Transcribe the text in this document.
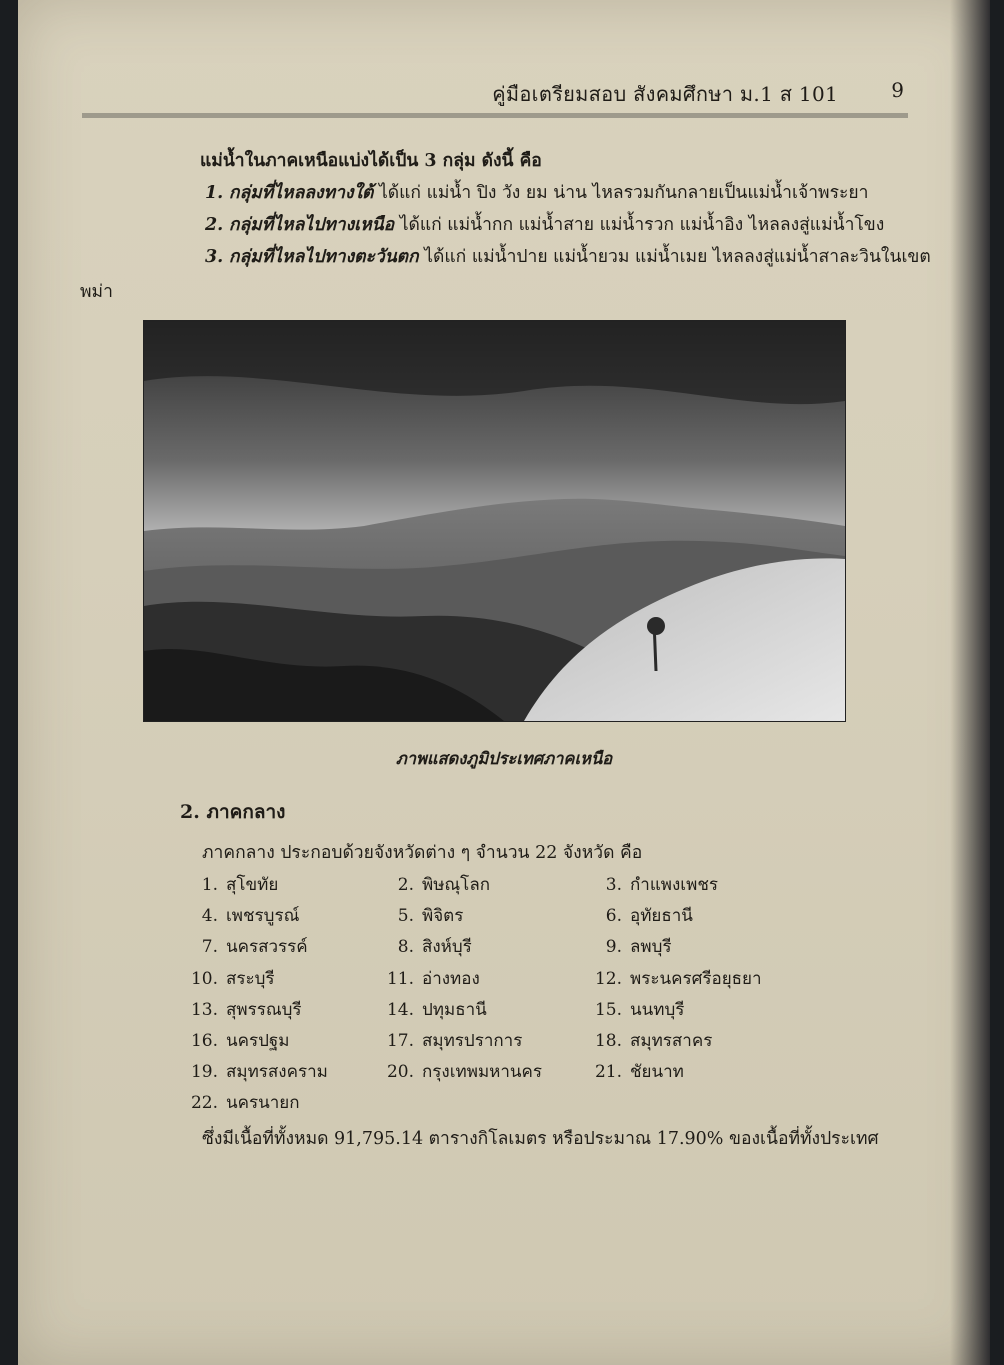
คู่มือเตรียมสอบ สังคมศึกษา ม.1 ส 101	9
แม่น้ำในภาคเหนือแบ่งได้เป็น 3 กลุ่ม ดังนี้ คือ
1. กลุ่มที่ไหลลงทางใต้ ได้แก่ แม่น้ำ ปิง วัง ยม น่าน ไหลรวมกันกลายเป็นแม่น้ำเจ้าพระยา
2. กลุ่มที่ไหลไปทางเหนือ ได้แก่ แม่น้ำกก แม่น้ำสาย แม่น้ำรวก แม่น้ำอิง ไหลลงสู่แม่น้ำโขง
3. กลุ่มที่ไหลไปทางตะวันตก ได้แก่ แม่น้ำปาย แม่น้ำยวม แม่น้ำเมย ไหลลงสู่แม่น้ำสาละวินในเขต
พม่า
ภาพแสดงภูมิประเทศภาคเหนือ
2. ภาคกลาง
ภาคกลาง ประกอบด้วยจังหวัดต่าง ๆ จำนวน 22 จังหวัด คือ
1. สุโขทัย	2. พิษณุโลก	3. กำแพงเพชร
4. เพชรบูรณ์	5. พิจิตร	6. อุทัยธานี
7. นครสวรรค์	8. สิงห์บุรี	9. ลพบุรี
10. สระบุรี	11. อ่างทอง	12. พระนครศรีอยุธยา
13. สุพรรณบุรี	14. ปทุมธานี	15. นนทบุรี
16. นครปฐม	17. สมุทรปราการ	18. สมุทรสาคร
19. สมุทรสงคราม	20. กรุงเทพมหานคร	21. ชัยนาท
22. นครนายก
ซึ่งมีเนื้อที่ทั้งหมด 91,795.14 ตารางกิโลเมตร หรือประมาณ 17.90% ของเนื้อที่ทั้งประเทศ
